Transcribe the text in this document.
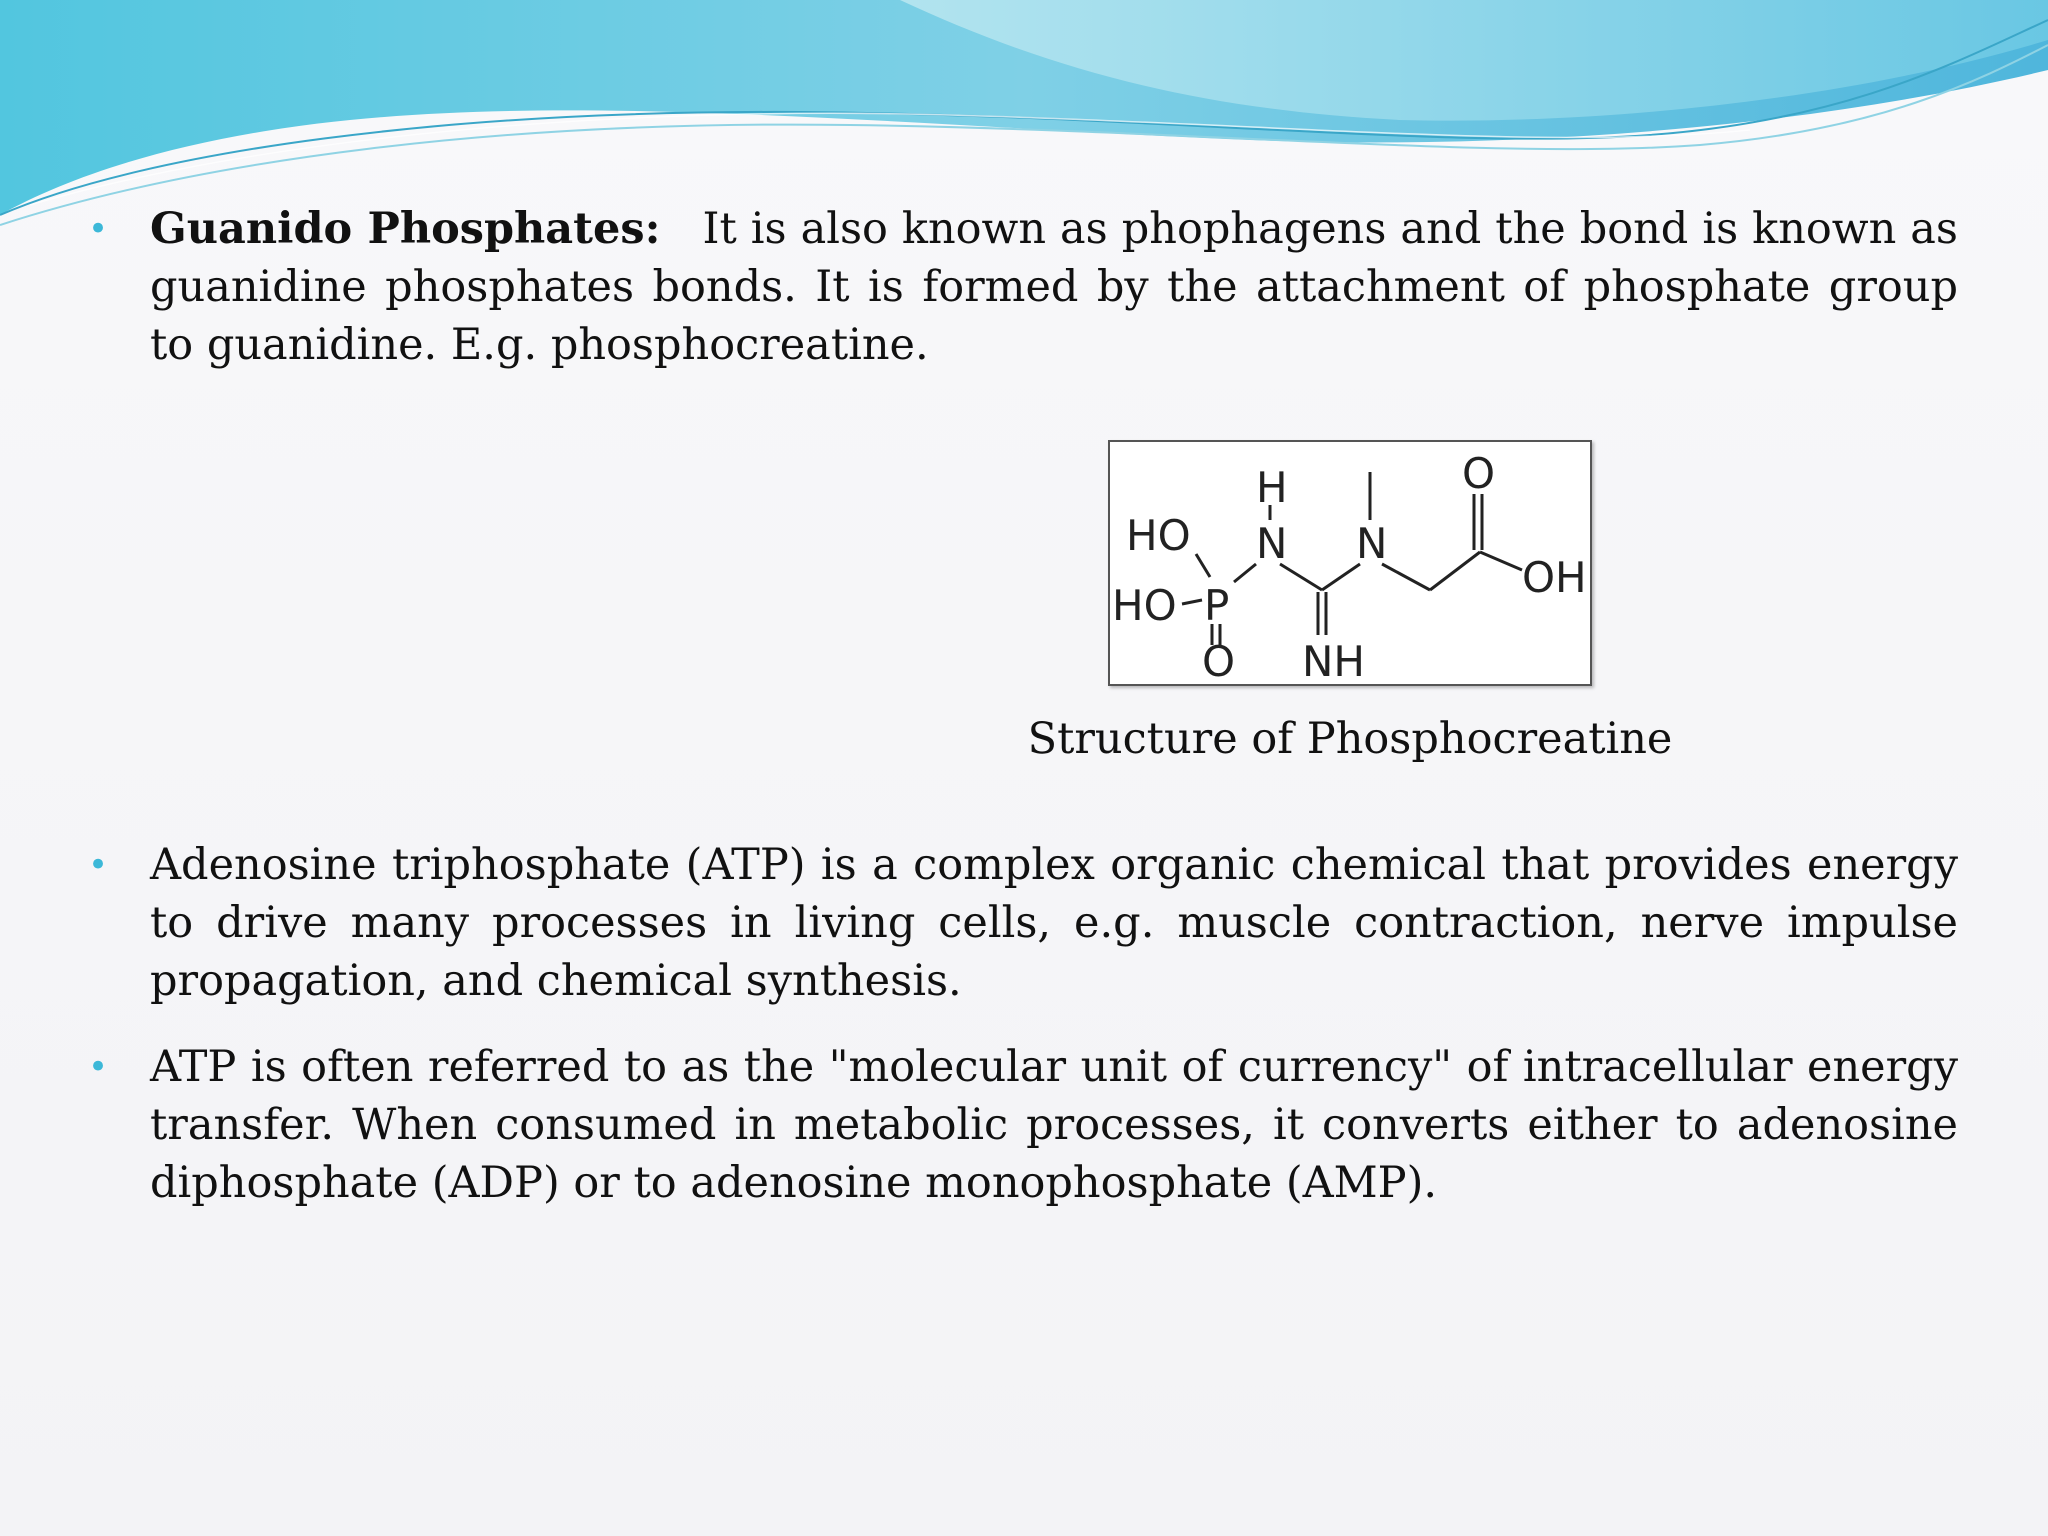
• Guanido Phosphates: It is also known as phophagens and the bond is known as guanidine phosphates bonds. It is formed by the attachment of phosphate group to guanidine. E.g. phosphocreatine.
HO
HO P
O
H
N N
NH
O
OH
Structure of Phosphocreatine
• Adenosine triphosphate (ATP) is a complex organic chemical that provides energy to drive many processes in living cells, e.g. muscle contraction, nerve impulse propagation, and chemical synthesis.
• ATP is often referred to as the "molecular unit of currency" of intracellular energy transfer. When consumed in metabolic processes, it converts either to adenosine diphosphate (ADP) or to adenosine monophosphate (AMP).
